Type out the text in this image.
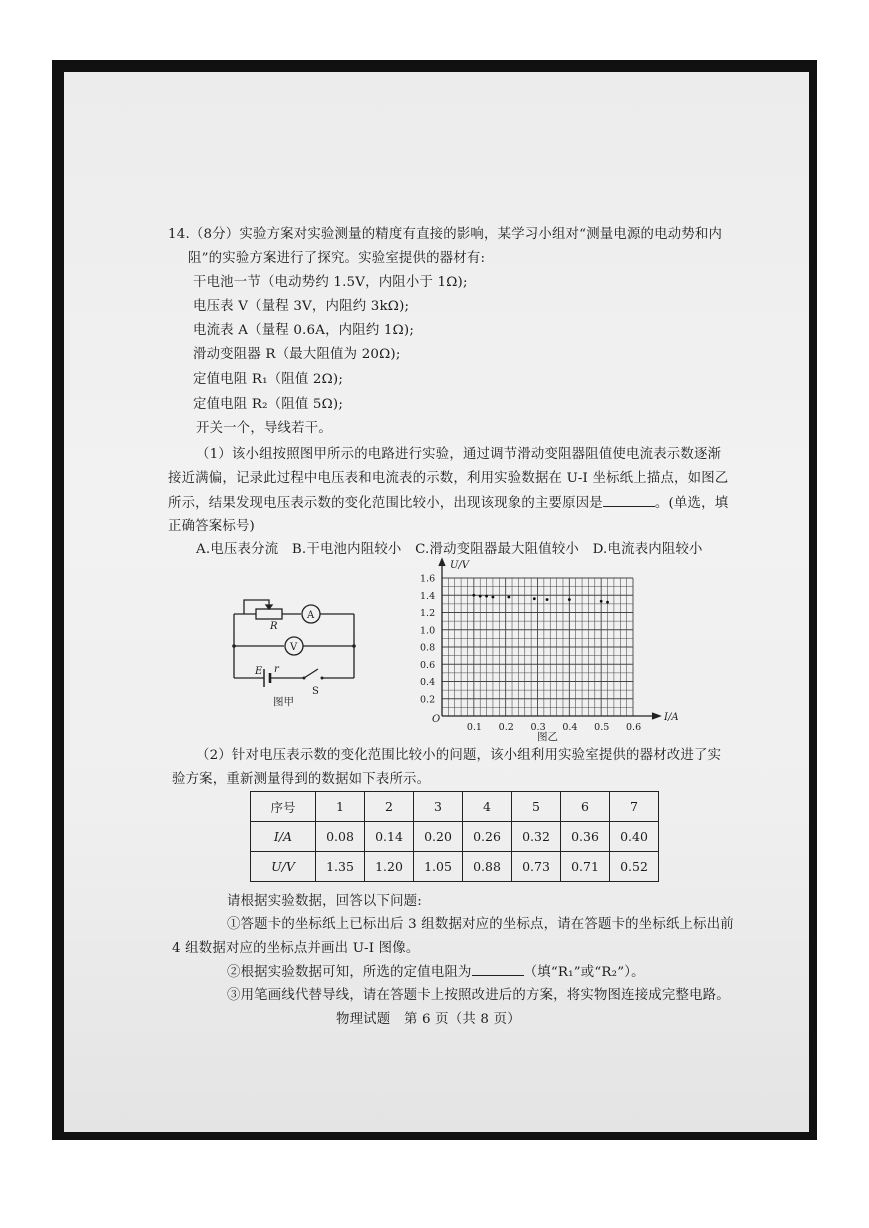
14.（8分）实验方案对实验测量的精度有直接的影响，某学习小组对“测量电源的电动势和内
阻”的实验方案进行了探究。实验室提供的器材有:
干电池一节（电动势约 1.5V，内阻小于 1Ω);
电压表 V（量程 3V，内阻约 3kΩ);
电流表 A（量程 0.6A，内阻约 1Ω);
滑动变阻器 R（最大阻值为 20Ω);
定值电阻 R₁（阻值 2Ω);
定值电阻 R₂（阻值 5Ω);
开关一个，导线若干。
（1）该小组按照图甲所示的电路进行实验，通过调节滑动变阻器阻值使电流表示数逐渐
接近满偏，记录此过程中电压表和电流表的示数，利用实验数据在 U-I 坐标纸上描点，如图乙
所示，结果发现电压表示数的变化范围比较小，出现该现象的主要原因是	。(单选，填
正确答案标号)
A.电压表分流　B.干电池内阻较小　C.滑动变阻器最大阻值较小　D.电流表内阻较小
R
A
V
E r
S
图甲	0.2
0.4
0.6
0.8
1.0
1.2
1.4
1.6
0.1 0.2 0.3 0.4 0.5 0.6
U/V
I/A
O
图乙
（2）针对电压表示数的变化范围比较小的问题，该小组利用实验室提供的器材改进了实
验方案，重新测量得到的数据如下表所示。
序号	1	2	3	4	5	6	7
I/A	0.08	0.14	0.20	0.26	0.32	0.36	0.40
U/V	1.35	1.20	1.05	0.88	0.73	0.71	0.52
请根据实验数据，回答以下问题:
①答题卡的坐标纸上已标出后 3 组数据对应的坐标点，请在答题卡的坐标纸上标出前
4 组数据对应的坐标点并画出 U-I 图像。
②根据实验数据可知，所选的定值电阻为	（填“R₁”或“R₂”）。
③用笔画线代替导线，请在答题卡上按照改进后的方案，将实物图连接成完整电路。
物理试题　第 6 页（共 8 页）
